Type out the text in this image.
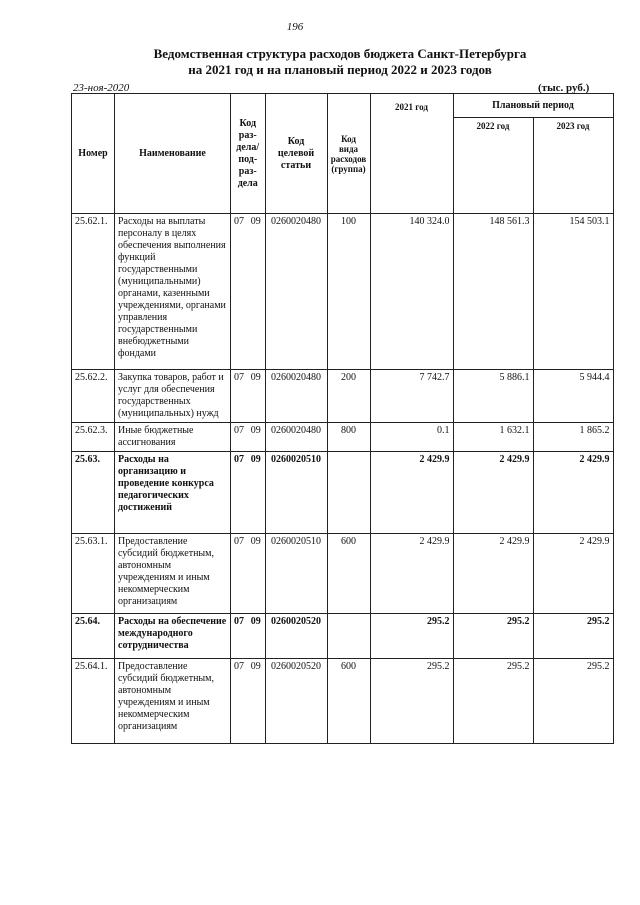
196
Ведомственная структура расходов бюджета Санкт-Петербурга
на 2021 год и на плановый период 2022 и 2023 годов
23-ноя-2020	(тыс. руб.)
Номер	Наименование	Код раз-дела/ под-раз-дела		Код целевой статьи	Код вида расходов (группа)	2021 год	Плановый период	
							2022 год	2023 год
25.62.1.	Расходы на выплаты персоналу в целях обеспечения выполнения функций государственными (муниципальными) органами, казенными учреждениями, органами управления государственными внебюджетными фондами	07	09	0260020480	100	140 324.0	148 561.3	154 503.1
25.62.2.	Закупка товаров, работ и услуг для обеспечения государственных (муниципальных) нужд	07	09	0260020480	200	7 742.7	5 886.1	5 944.4
25.62.3.	Иные бюджетные ассигнования	07	09	0260020480	800	0.1	1 632.1	1 865.2
25.63.	Расходы на организацию и проведение конкурса педагогических достижений	07	09	0260020510		2 429.9	2 429.9	2 429.9
25.63.1.	Предоставление субсидий бюджетным, автономным учреждениям и иным некоммерческим организациям	07	09	0260020510	600	2 429.9	2 429.9	2 429.9
25.64.	Расходы на обеспечение международного сотрудничества	07	09	0260020520		295.2	295.2	295.2
25.64.1.	Предоставление субсидий бюджетным, автономным учреждениям и иным некоммерческим организациям	07	09	0260020520	600	295.2	295.2	295.2
